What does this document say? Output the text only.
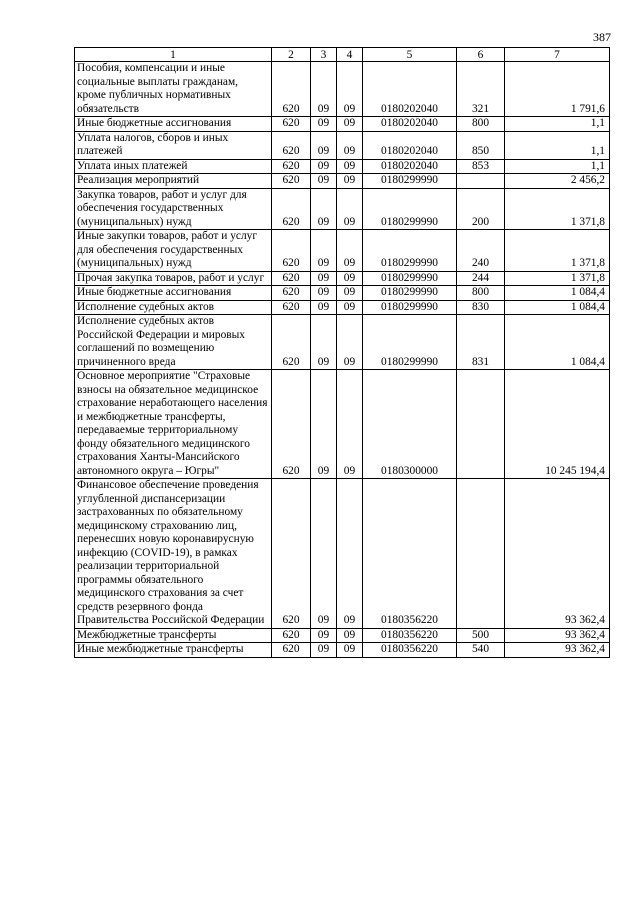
387
1	2	3	4	5	6	7
Пособия, компенсации и иные социальные выплаты гражданам, кроме публичных нормативных обязательств	620	09	09	0180202040	321	1 791,6
Иные бюджетные ассигнования	620	09	09	0180202040	800	1,1
Уплата налогов, сборов и иных платежей	620	09	09	0180202040	850	1,1
Уплата иных платежей	620	09	09	0180202040	853	1,1
Реализация мероприятий	620	09	09	0180299990		2 456,2
Закупка товаров, работ и услуг для обеспечения государственных (муниципальных) нужд	620	09	09	0180299990	200	1 371,8
Иные закупки товаров, работ и услуг для обеспечения государственных (муниципальных) нужд	620	09	09	0180299990	240	1 371,8
Прочая закупка товаров, работ и услуг	620	09	09	0180299990	244	1 371,8
Иные бюджетные ассигнования	620	09	09	0180299990	800	1 084,4
Исполнение судебных актов	620	09	09	0180299990	830	1 084,4
Исполнение судебных актов Российской Федерации и мировых соглашений по возмещению причиненного вреда	620	09	09	0180299990	831	1 084,4
Основное мероприятие "Страховые взносы на обязательное медицинское страхование неработающего населения и межбюджетные трансферты, передаваемые территориальному фонду обязательного медицинского страхования Ханты-Мансийского автономного округа – Югры"	620	09	09	0180300000		10 245 194,4
Финансовое обеспечение проведения углубленной диспансеризации застрахованных по обязательному медицинскому страхованию лиц, перенесших новую коронавирусную инфекцию (COVID-19), в рамках реализации территориальной программы обязательного медицинского страхования за счет средств резервного фонда Правительства Российской Федерации	620	09	09	0180356220		93 362,4
Межбюджетные трансферты	620	09	09	0180356220	500	93 362,4
Иные межбюджетные трансферты	620	09	09	0180356220	540	93 362,4
